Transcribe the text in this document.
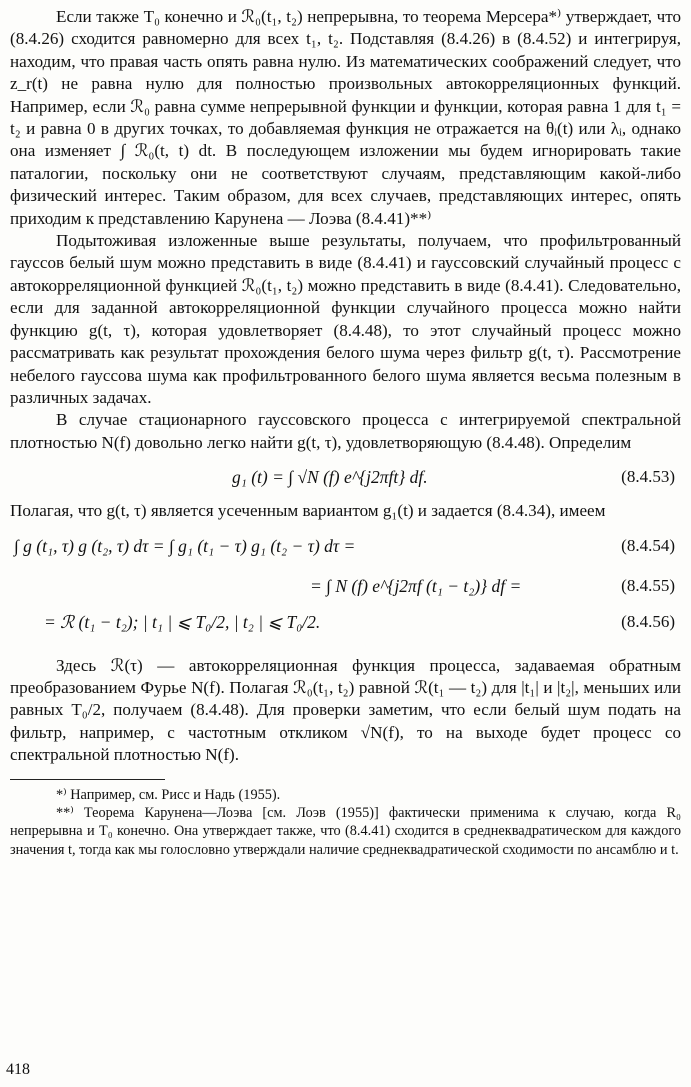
Если также T₀ конечно и ℛ₀(t₁, t₂) непрерывна, то теорема Мерсера*⁾ утверждает, что (8.4.26) сходится равномерно для всех t₁, t₂. Подставляя (8.4.26) в (8.4.52) и интегрируя, находим, что правая часть опять равна нулю. Из математических соображений следует, что z_r(t) не равна нулю для полностью произвольных автокорреляционных функций. Например, если ℛ₀ равна сумме непрерывной функции и функции, которая равна 1 для t₁ = t₂ и равна 0 в других точках, то добавляемая функция не отражается на θᵢ(t) или λᵢ, однако она изменяет ∫ ℛ₀(t, t) dt. В последующем изложении мы будем игнорировать такие паталогии, поскольку они не соответствуют случаям, представляющим какой-либо физический интерес. Таким образом, для всех случаев, представляющих интерес, опять приходим к представлению Карунена — Лоэва (8.4.41)**⁾

Подытоживая изложенные выше результаты, получаем, что профильтрованный гауссов белый шум можно представить в виде (8.4.41) и гауссовский случайный процесс с автокорреляционной функцией ℛ₀(t₁, t₂) можно представить в виде (8.4.41). Следовательно, если для заданной автокорреляционной функции случайного процесса можно найти функцию g(t, τ), которая удовлетворяет (8.4.48), то этот случайный процесс можно рассматривать как результат прохождения белого шума через фильтр g(t, τ). Рассмотрение небелого гауссова шума как профильтрованного белого шума является весьма полезным в различных задачах.

В случае стационарного гауссовского процесса с интегрируемой спектральной плотностью N(f) довольно легко найти g(t, τ), удовлетворяющую (8.4.48). Определим

g₁ (t) = ∫ √N (f) e^{j2πft} df.	(8.4.53)

Полагая, что g(t, τ) является усеченным вариантом g₁(t) и задается (8.4.34), имеем

∫ g (t₁, τ) g (t₂, τ) dτ = ∫ g₁ (t₁ − τ) g₁ (t₂ − τ) dτ =	(8.4.54)
= ∫ N (f) e^{j2πf (t₁ − t₂)} df =	(8.4.55)
= ℛ (t₁ − t₂); | t₁ | ⩽ T₀/2, | t₂ | ⩽ T₀/2.	(8.4.56)

Здесь ℛ(τ) — автокорреляционная функция процесса, задаваемая обратным преобразованием Фурье N(f). Полагая ℛ₀(t₁, t₂) равной ℛ(t₁ — t₂) для |t₁| и |t₂|, меньших или равных T₀/2, получаем (8.4.48). Для проверки заметим, что если белый шум подать на фильтр, например, с частотным откликом √N(f), то на выходе будет процесс со спектральной плотностью N(f).

*⁾ Например, см. Рисс и Надь (1955).

**⁾ Теорема Карунена—Лоэва [см. Лоэв (1955)] фактически применима к случаю, когда R₀ непрерывна и T₀ конечно. Она утверждает также, что (8.4.41) сходится в среднеквадратическом для каждого значения t, тогда как мы голословно утверждали наличие среднеквадратической сходимости по ансамблю и t.

418
